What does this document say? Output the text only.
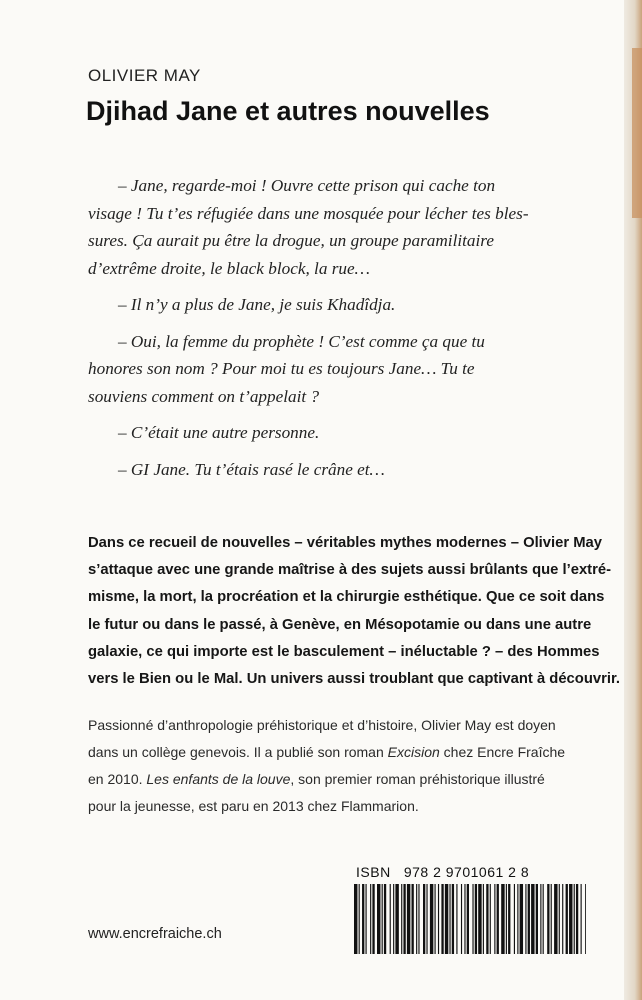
OLIVIER MAY
Djihad Jane et autres nouvelles

– Jane, regarde-moi ! Ouvre cette prison qui cache ton
visage ! Tu t’es réfugiée dans une mosquée pour lécher tes bles-
sures. Ça aurait pu être la drogue, un groupe paramilitaire
d’extrême droite, le black block, la rue…

– Il n’y a plus de Jane, je suis Khadîdja.

– Oui, la femme du prophète ! C’est comme ça que tu
honores son nom ? Pour moi tu es toujours Jane… Tu te
souviens comment on t’appelait ?

– C’était une autre personne.

– GI Jane. Tu t’étais rasé le crâne et…

Dans ce recueil de nouvelles – véritables mythes modernes – Olivier May
s’attaque avec une grande maîtrise à des sujets aussi brûlants que l’extré-
misme, la mort, la procréation et la chirurgie esthétique. Que ce soit dans
le futur ou dans le passé, à Genève, en Mésopotamie ou dans une autre
galaxie, ce qui importe est le basculement – inéluctable ? – des Hommes
vers le Bien ou le Mal. Un univers aussi troublant que captivant à découvrir.
Passionné d’anthropologie préhistorique et d’histoire, Olivier May est doyen
dans un collège genevois. Il a publié son roman Excision chez Encre Fraîche
en 2010. Les enfants de la louve, son premier roman préhistorique illustré
pour la jeunesse, est paru en 2013 chez Flammarion.
ISBN   978 2 9701061 2 8
www.encrefraiche.ch
